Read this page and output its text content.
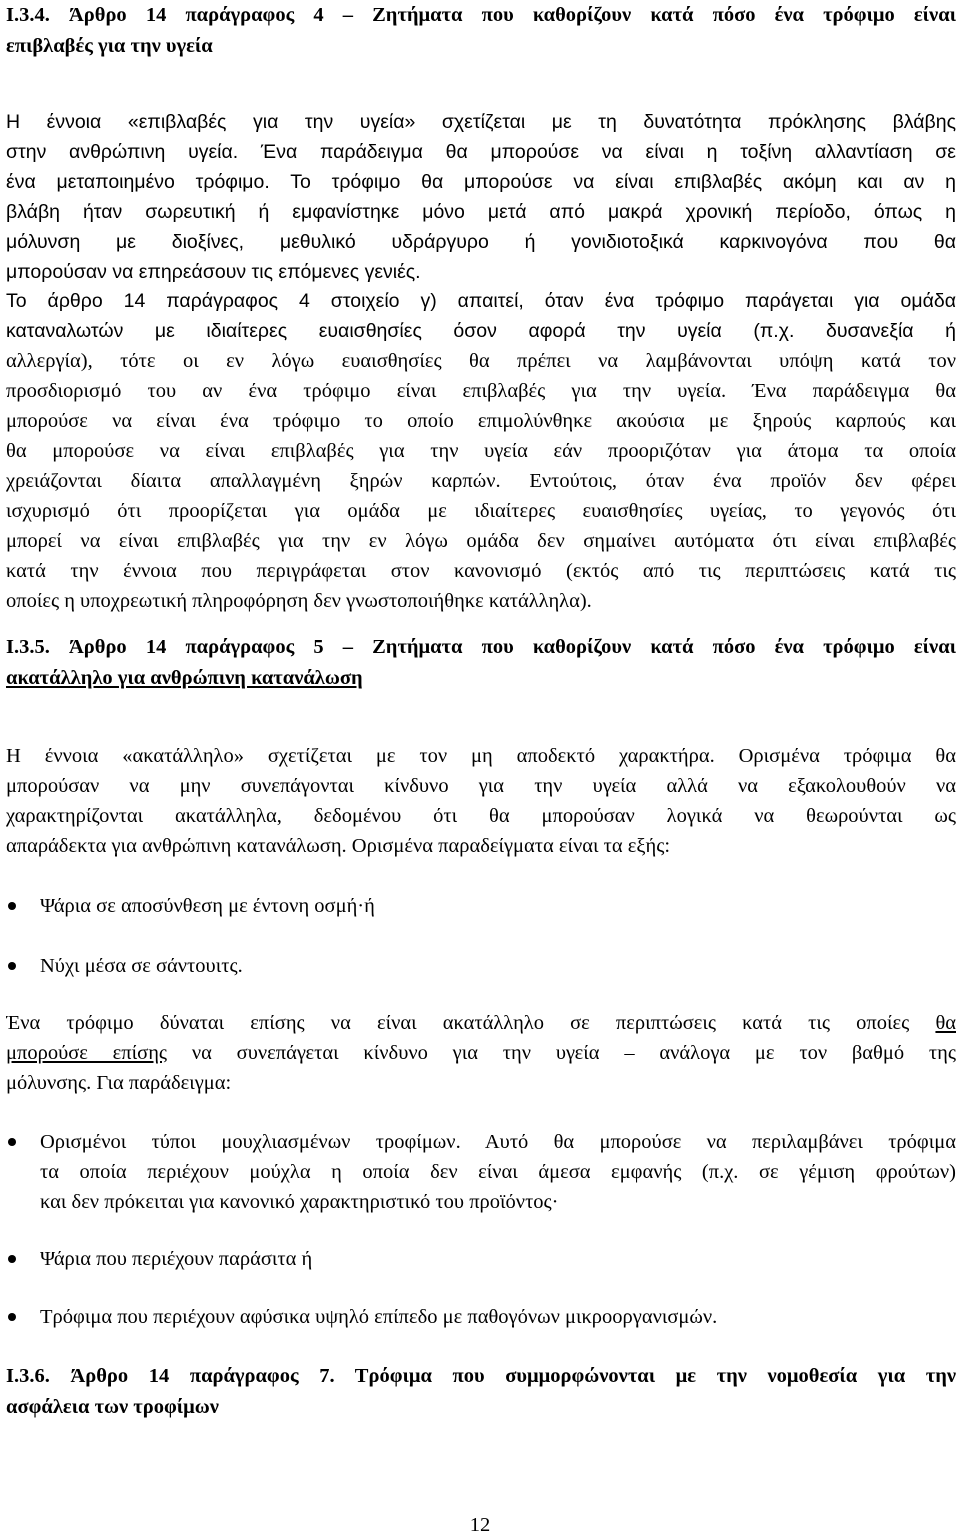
I.3.4. Άρθρο 14 παράγραφος 4 – Ζητήματα που καθορίζουν κατά πόσο ένα τρόφιμο είναι
επιβλαβές για την υγεία
Η έννοια «επιβλαβές για την υγεία» σχετίζεται με τη δυνατότητα πρόκλησης βλάβης
στην ανθρώπινη υγεία. Ένα παράδειγμα θα μπορούσε να είναι η τοξίνη αλλαντίαση σε
ένα μεταποιημένο τρόφιμο. Το τρόφιμο θα μπορούσε να είναι επιβλαβές ακόμη και αν η
βλάβη ήταν σωρευτική ή εμφανίστηκε μόνο μετά από μακρά χρονική περίοδο, όπως η
μόλυνση με διοξίνες, μεθυλικό υδράργυρο ή γονιδιοτοξικά καρκινογόνα που θα
μπορούσαν να επηρεάσουν τις επόμενες γενιές.
Το άρθρο 14 παράγραφος 4 στοιχείο γ) απαιτεί, όταν ένα τρόφιμο παράγεται για ομάδα
καταναλωτών με ιδιαίτερες ευαισθησίες όσον αφορά την υγεία (π.χ. δυσανεξία ή
αλλεργία), τότε οι εν λόγω ευαισθησίες θα πρέπει να λαμβάνονται υπόψη κατά τον
προσδιορισμό του αν ένα τρόφιμο είναι επιβλαβές για την υγεία. Ένα παράδειγμα θα
μπορούσε να είναι ένα τρόφιμο το οποίο επιμολύνθηκε ακούσια με ξηρούς καρπούς και
θα μπορούσε να είναι επιβλαβές για την υγεία εάν προοριζόταν για άτομα τα οποία
χρειάζονται δίαιτα απαλλαγμένη ξηρών καρπών. Εντούτοις, όταν ένα προϊόν δεν φέρει
ισχυρισμό ότι προορίζεται για ομάδα με ιδιαίτερες ευαισθησίες υγείας, το γεγονός ότι
μπορεί να είναι επιβλαβές για την εν λόγω ομάδα δεν σημαίνει αυτόματα ότι είναι επιβλαβές
κατά την έννοια που περιγράφεται στον κανονισμό (εκτός από τις περιπτώσεις κατά τις
οποίες η υποχρεωτική πληροφόρηση δεν γνωστοποιήθηκε κατάλληλα).
I.3.5. Άρθρο 14 παράγραφος 5 – Ζητήματα που καθορίζουν κατά πόσο ένα τρόφιμο είναι
ακατάλληλο για ανθρώπινη κατανάλωση
Η έννοια «ακατάλληλο» σχετίζεται με τον μη αποδεκτό χαρακτήρα. Ορισμένα τρόφιμα θα
μπορούσαν να μην συνεπάγονται κίνδυνο για την υγεία αλλά να εξακολουθούν να
χαρακτηρίζονται ακατάλληλα, δεδομένου ότι θα μπορούσαν λογικά να θεωρούνται ως
απαράδεκτα για ανθρώπινη κατανάλωση. Ορισμένα παραδείγματα είναι τα εξής:
Ψάρια σε αποσύνθεση με έντονη οσμή·ή
Νύχι μέσα σε σάντουιτς.
Ένα τρόφιμο δύναται επίσης να είναι ακατάλληλο σε περιπτώσεις κατά τις οποίες θα
μπορούσε επίσης να συνεπάγεται κίνδυνο για την υγεία – ανάλογα με τον βαθμό της
μόλυνσης. Για παράδειγμα:
Ορισμένοι τύποι μουχλιασμένων τροφίμων. Αυτό θα μπορούσε να περιλαμβάνει τρόφιμα
τα οποία περιέχουν μούχλα η οποία δεν είναι άμεσα εμφανής (π.χ. σε γέμιση φρούτων)
και δεν πρόκειται για κανονικό χαρακτηριστικό του προϊόντος·
Ψάρια που περιέχουν παράσιτα ή
Τρόφιμα που περιέχουν αφύσικα υψηλό επίπεδο με παθογόνων μικροοργανισμών.
I.3.6. Άρθρο 14 παράγραφος 7. Τρόφιμα που συμμορφώνονται με την νομοθεσία για την
ασφάλεια των τροφίμων
12
